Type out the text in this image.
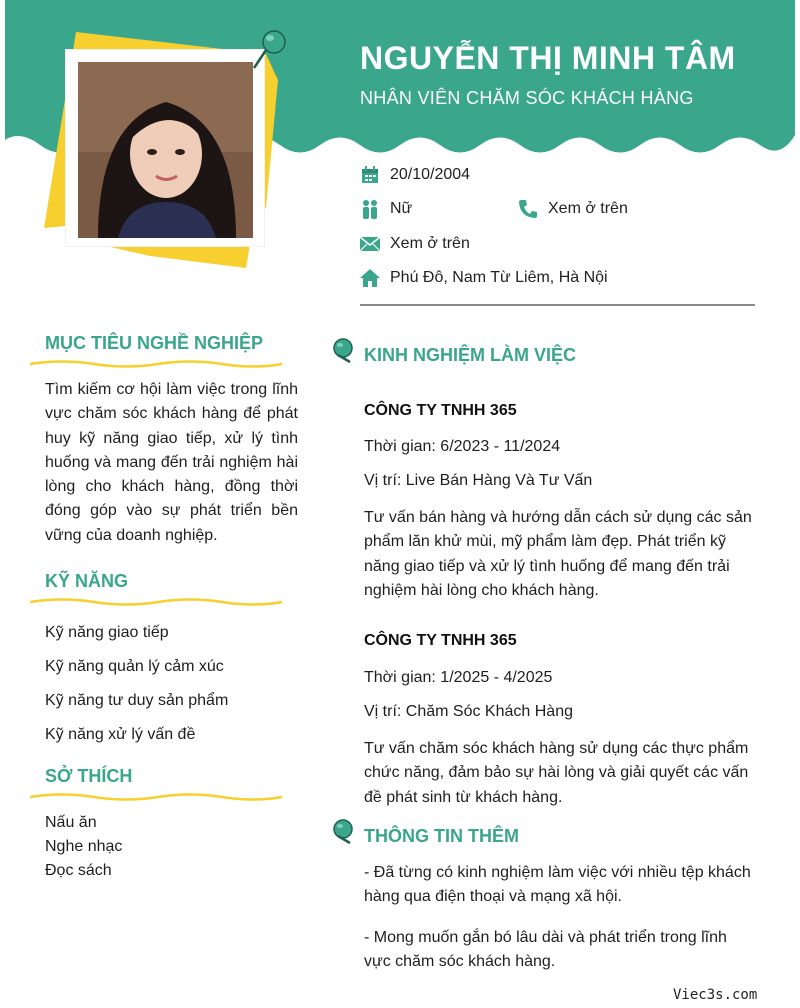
NGUYỄN THỊ MINH TÂM
NHÂN VIÊN CHĂM SÓC KHÁCH HÀNG
20/10/2004
Nữ	Xem ở trên
Xem ở trên
Phú Đô, Nam Từ Liêm, Hà Nội
MỤC TIÊU NGHỀ NGHIỆP
Tìm kiếm cơ hội làm việc trong lĩnh vực chăm sóc khách hàng để phát huy kỹ năng giao tiếp, xử lý tình huống và mang đến trải nghiệm hài lòng cho khách hàng, đồng thời đóng góp vào sự phát triển bền vững của doanh nghiệp.
KỸ NĂNG
Kỹ năng giao tiếp
Kỹ năng quản lý cảm xúc
Kỹ năng tư duy sản phẩm
Kỹ năng xử lý vấn đề
SỞ THÍCH
Nấu ăn
Nghe nhạc
Đọc sách
KINH NGHIỆM LÀM VIỆC
CÔNG TY TNHH 365
Thời gian: 6/2023 - 11/2024
Vị trí: Live Bán Hàng Và Tư Vấn
Tư vấn bán hàng và hướng dẫn cách sử dụng các sản phẩm lăn khử mùi, mỹ phẩm làm đẹp. Phát triển kỹ năng giao tiếp và xử lý tình huống để mang đến trải nghiệm hài lòng cho khách hàng.
CÔNG TY TNHH 365
Thời gian: 1/2025 - 4/2025
Vị trí: Chăm Sóc Khách Hàng
Tư vấn chăm sóc khách hàng sử dụng các thực phẩm chức năng, đảm bảo sự hài lòng và giải quyết các vấn đề phát sinh từ khách hàng.
THÔNG TIN THÊM
- Đã từng có kinh nghiệm làm việc với nhiều tệp khách hàng qua điện thoại và mạng xã hội.
- Mong muốn gắn bó lâu dài và phát triển trong lĩnh vực chăm sóc khách hàng.
Viec3s.com
